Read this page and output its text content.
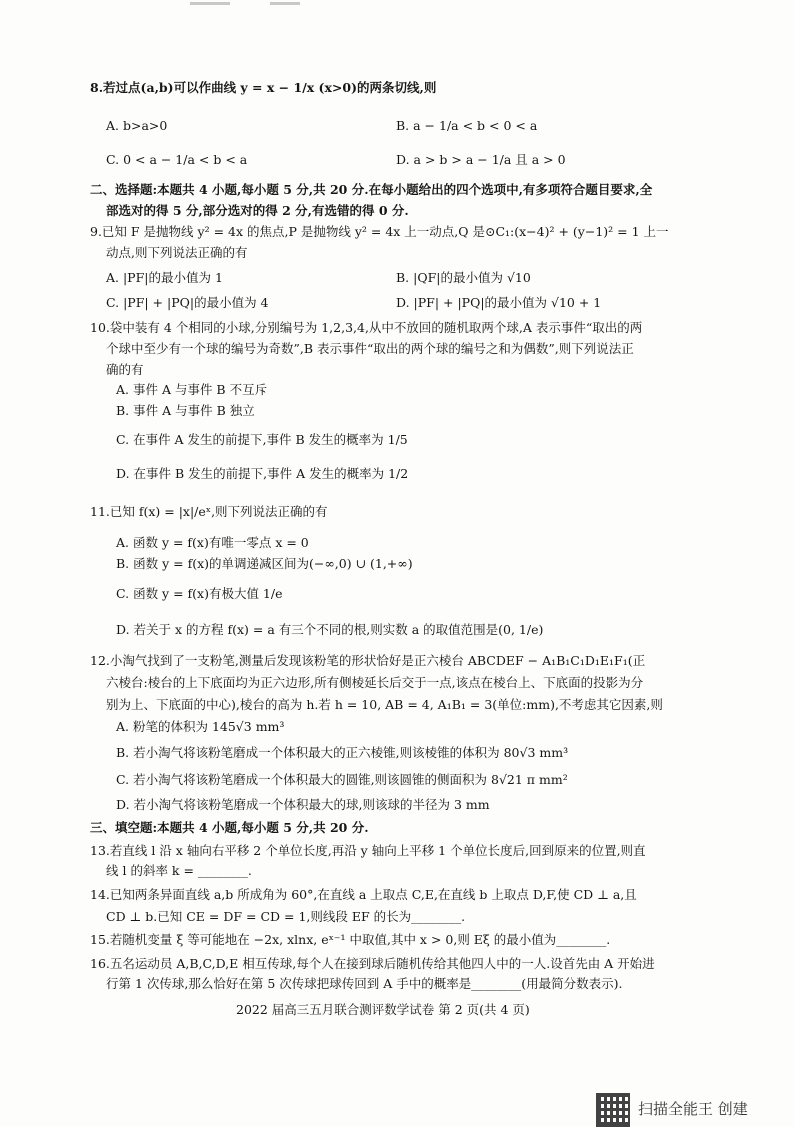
8.若过点(a,b)可以作曲线 y = x − 1/x (x>0)的两条切线,则
A. b>a>0	B. a − 1/a < b < 0 < a
C. 0 < a − 1/a < b < a	D. a > b > a − 1/a 且 a > 0
二、选择题:本题共 4 小题,每小题 5 分,共 20 分.在每小题给出的四个选项中,有多项符合题目要求,全
部选对的得 5 分,部分选对的得 2 分,有选错的得 0 分.
9.已知 F 是抛物线 y² = 4x 的焦点,P 是抛物线 y² = 4x 上一动点,Q 是⊙C₁:(x−4)² + (y−1)² = 1 上一
动点,则下列说法正确的有
A. |PF|的最小值为 1	B. |QF|的最小值为 √10
C. |PF| + |PQ|的最小值为 4	D. |PF| + |PQ|的最小值为 √10 + 1
10.袋中装有 4 个相同的小球,分别编号为 1,2,3,4,从中不放回的随机取两个球,A 表示事件“取出的两
个球中至少有一个球的编号为奇数”,B 表示事件“取出的两个球的编号之和为偶数”,则下列说法正
确的有
A. 事件 A 与事件 B 不互斥
B. 事件 A 与事件 B 独立
C. 在事件 A 发生的前提下,事件 B 发生的概率为 1/5
D. 在事件 B 发生的前提下,事件 A 发生的概率为 1/2
11.已知 f(x) = |x|/eˣ,则下列说法正确的有
A. 函数 y = f(x)有唯一零点 x = 0
B. 函数 y = f(x)的单调递减区间为(−∞,0) ∪ (1,+∞)
C. 函数 y = f(x)有极大值 1/e
D. 若关于 x 的方程 f(x) = a 有三个不同的根,则实数 a 的取值范围是(0, 1/e)
12.小淘气找到了一支粉笔,测量后发现该粉笔的形状恰好是正六棱台 ABCDEF − A₁B₁C₁D₁E₁F₁(正
六棱台:棱台的上下底面均为正六边形,所有侧棱延长后交于一点,该点在棱台上、下底面的投影为分
别为上、下底面的中心),棱台的高为 h.若 h = 10, AB = 4, A₁B₁ = 3(单位:mm),不考虑其它因素,则
A. 粉笔的体积为 145√3 mm³
B. 若小淘气将该粉笔磨成一个体积最大的正六棱锥,则该棱锥的体积为 80√3 mm³
C. 若小淘气将该粉笔磨成一个体积最大的圆锥,则该圆锥的侧面积为 8√21 π mm²
D. 若小淘气将该粉笔磨成一个体积最大的球,则该球的半径为 3 mm
三、填空题:本题共 4 小题,每小题 5 分,共 20 分.
13.若直线 l 沿 x 轴向右平移 2 个单位长度,再沿 y 轴向上平移 1 个单位长度后,回到原来的位置,则直
线 l 的斜率 k = ________.
14.已知两条异面直线 a,b 所成角为 60°,在直线 a 上取点 C,E,在直线 b 上取点 D,F,使 CD ⊥ a,且
CD ⊥ b.已知 CE = DF = CD = 1,则线段 EF 的长为________.
15.若随机变量 ξ 等可能地在 −2x, xlnx, eˣ⁻¹ 中取值,其中 x > 0,则 Eξ 的最小值为________.
16.五名运动员 A,B,C,D,E 相互传球,每个人在接到球后随机传给其他四人中的一人.设首先由 A 开始进
行第 1 次传球,那么恰好在第 5 次传球把球传回到 A 手中的概率是________(用最简分数表示).
2022 届高三五月联合测评数学试卷 第 2 页(共 4 页)
扫描全能王 创建
